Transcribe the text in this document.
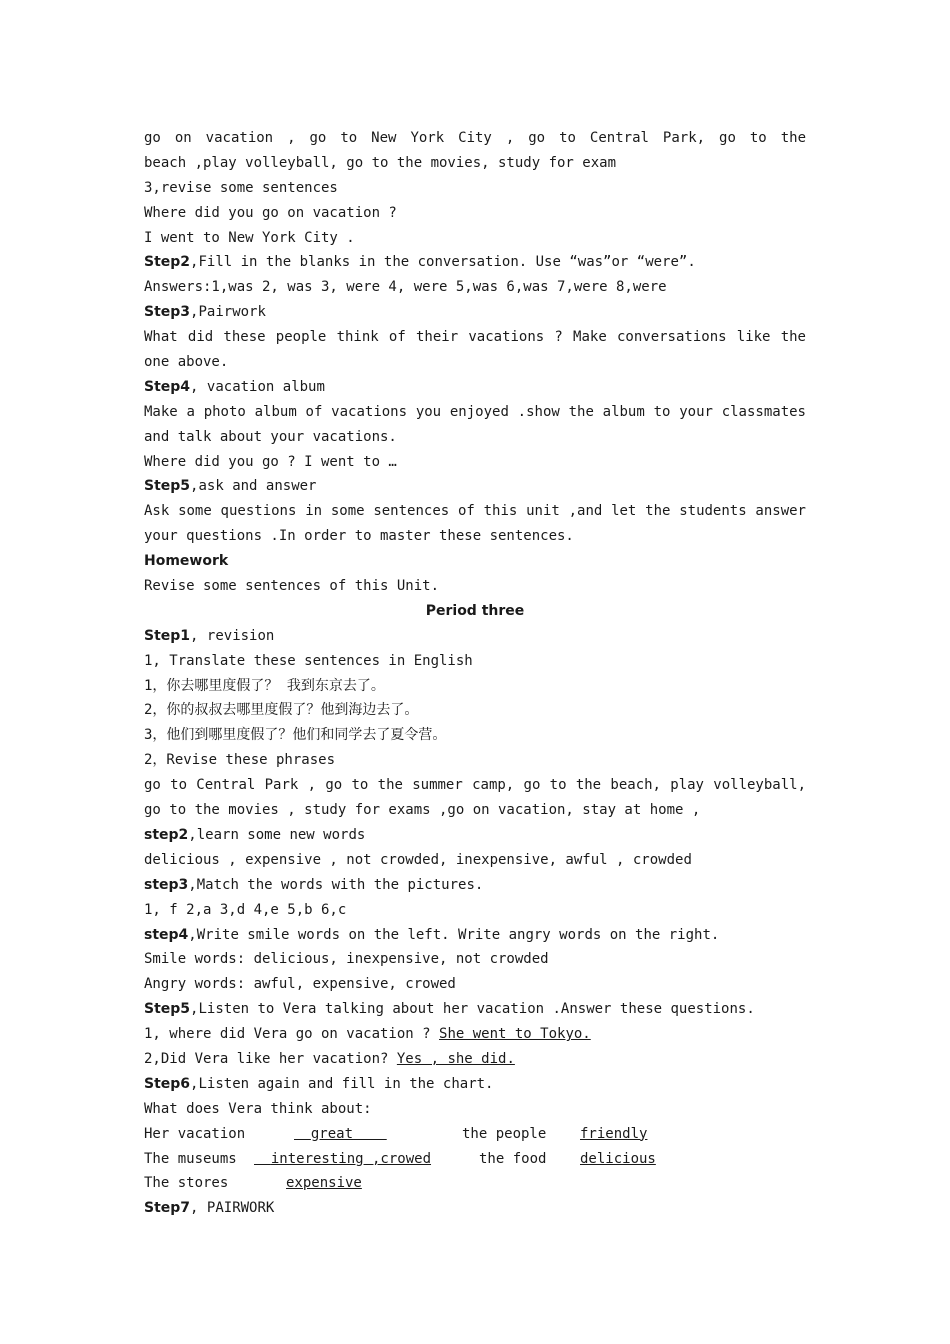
go on vacation , go to New York City , go to Central Park, go to the
beach ,play volleyball, go to the movies, study for exam
3,revise some sentences
Where did you go on vacation ?
I went to New York City .
Step2,Fill in the blanks in the conversation. Use “was”or “were”.
Answers:1,was 2, was 3, were 4, were 5,was 6,was 7,were 8,were
Step3,Pairwork
What did these people think of their vacations ? Make conversations like the
one above.
Step4, vacation album
Make a photo album of vacations you enjoyed .show the album to your classmates
and talk about your vacations.
Where did you go ? I went to …
Step5,ask and answer
Ask some questions in some sentences of this unit ,and let the students answer
your questions .In order to master these sentences.
Homework
Revise some sentences of this Unit.
Period three
Step1, revision
1, Translate these sentences in English
1，你去哪里度假了？ 我到东京去了。
2，你的叔叔去哪里度假了？他到海边去了。
3，他们到哪里度假了？他们和同学去了夏令营。
2，Revise these phrases
go to Central Park , go to the summer camp, go to the beach, play volleyball,
go to the movies , study for exams ,go on vacation, stay at home ,
step2,learn some new words
delicious , expensive , not crowded, inexpensive, awful , crowded
step3,Match the words with the pictures.
1, f 2,a 3,d 4,e 5,b 6,c
step4,Write smile words on the left. Write angry words on the right.
Smile words: delicious, inexpensive, not crowded
Angry words: awful, expensive, crowed
Step5,Listen to Vera talking about her vacation .Answer these questions.
1, where did Vera go on vacation ? She went to Tokyo.
2,Did Vera like her vacation? Yes , she did.
Step6,Listen again and fill in the chart.
What does Vera think about:
Her vacation	great	the people friendly
The museums interesting ,crowed	the food delicious
The stores	expensive
Step7, PAIRWORK
